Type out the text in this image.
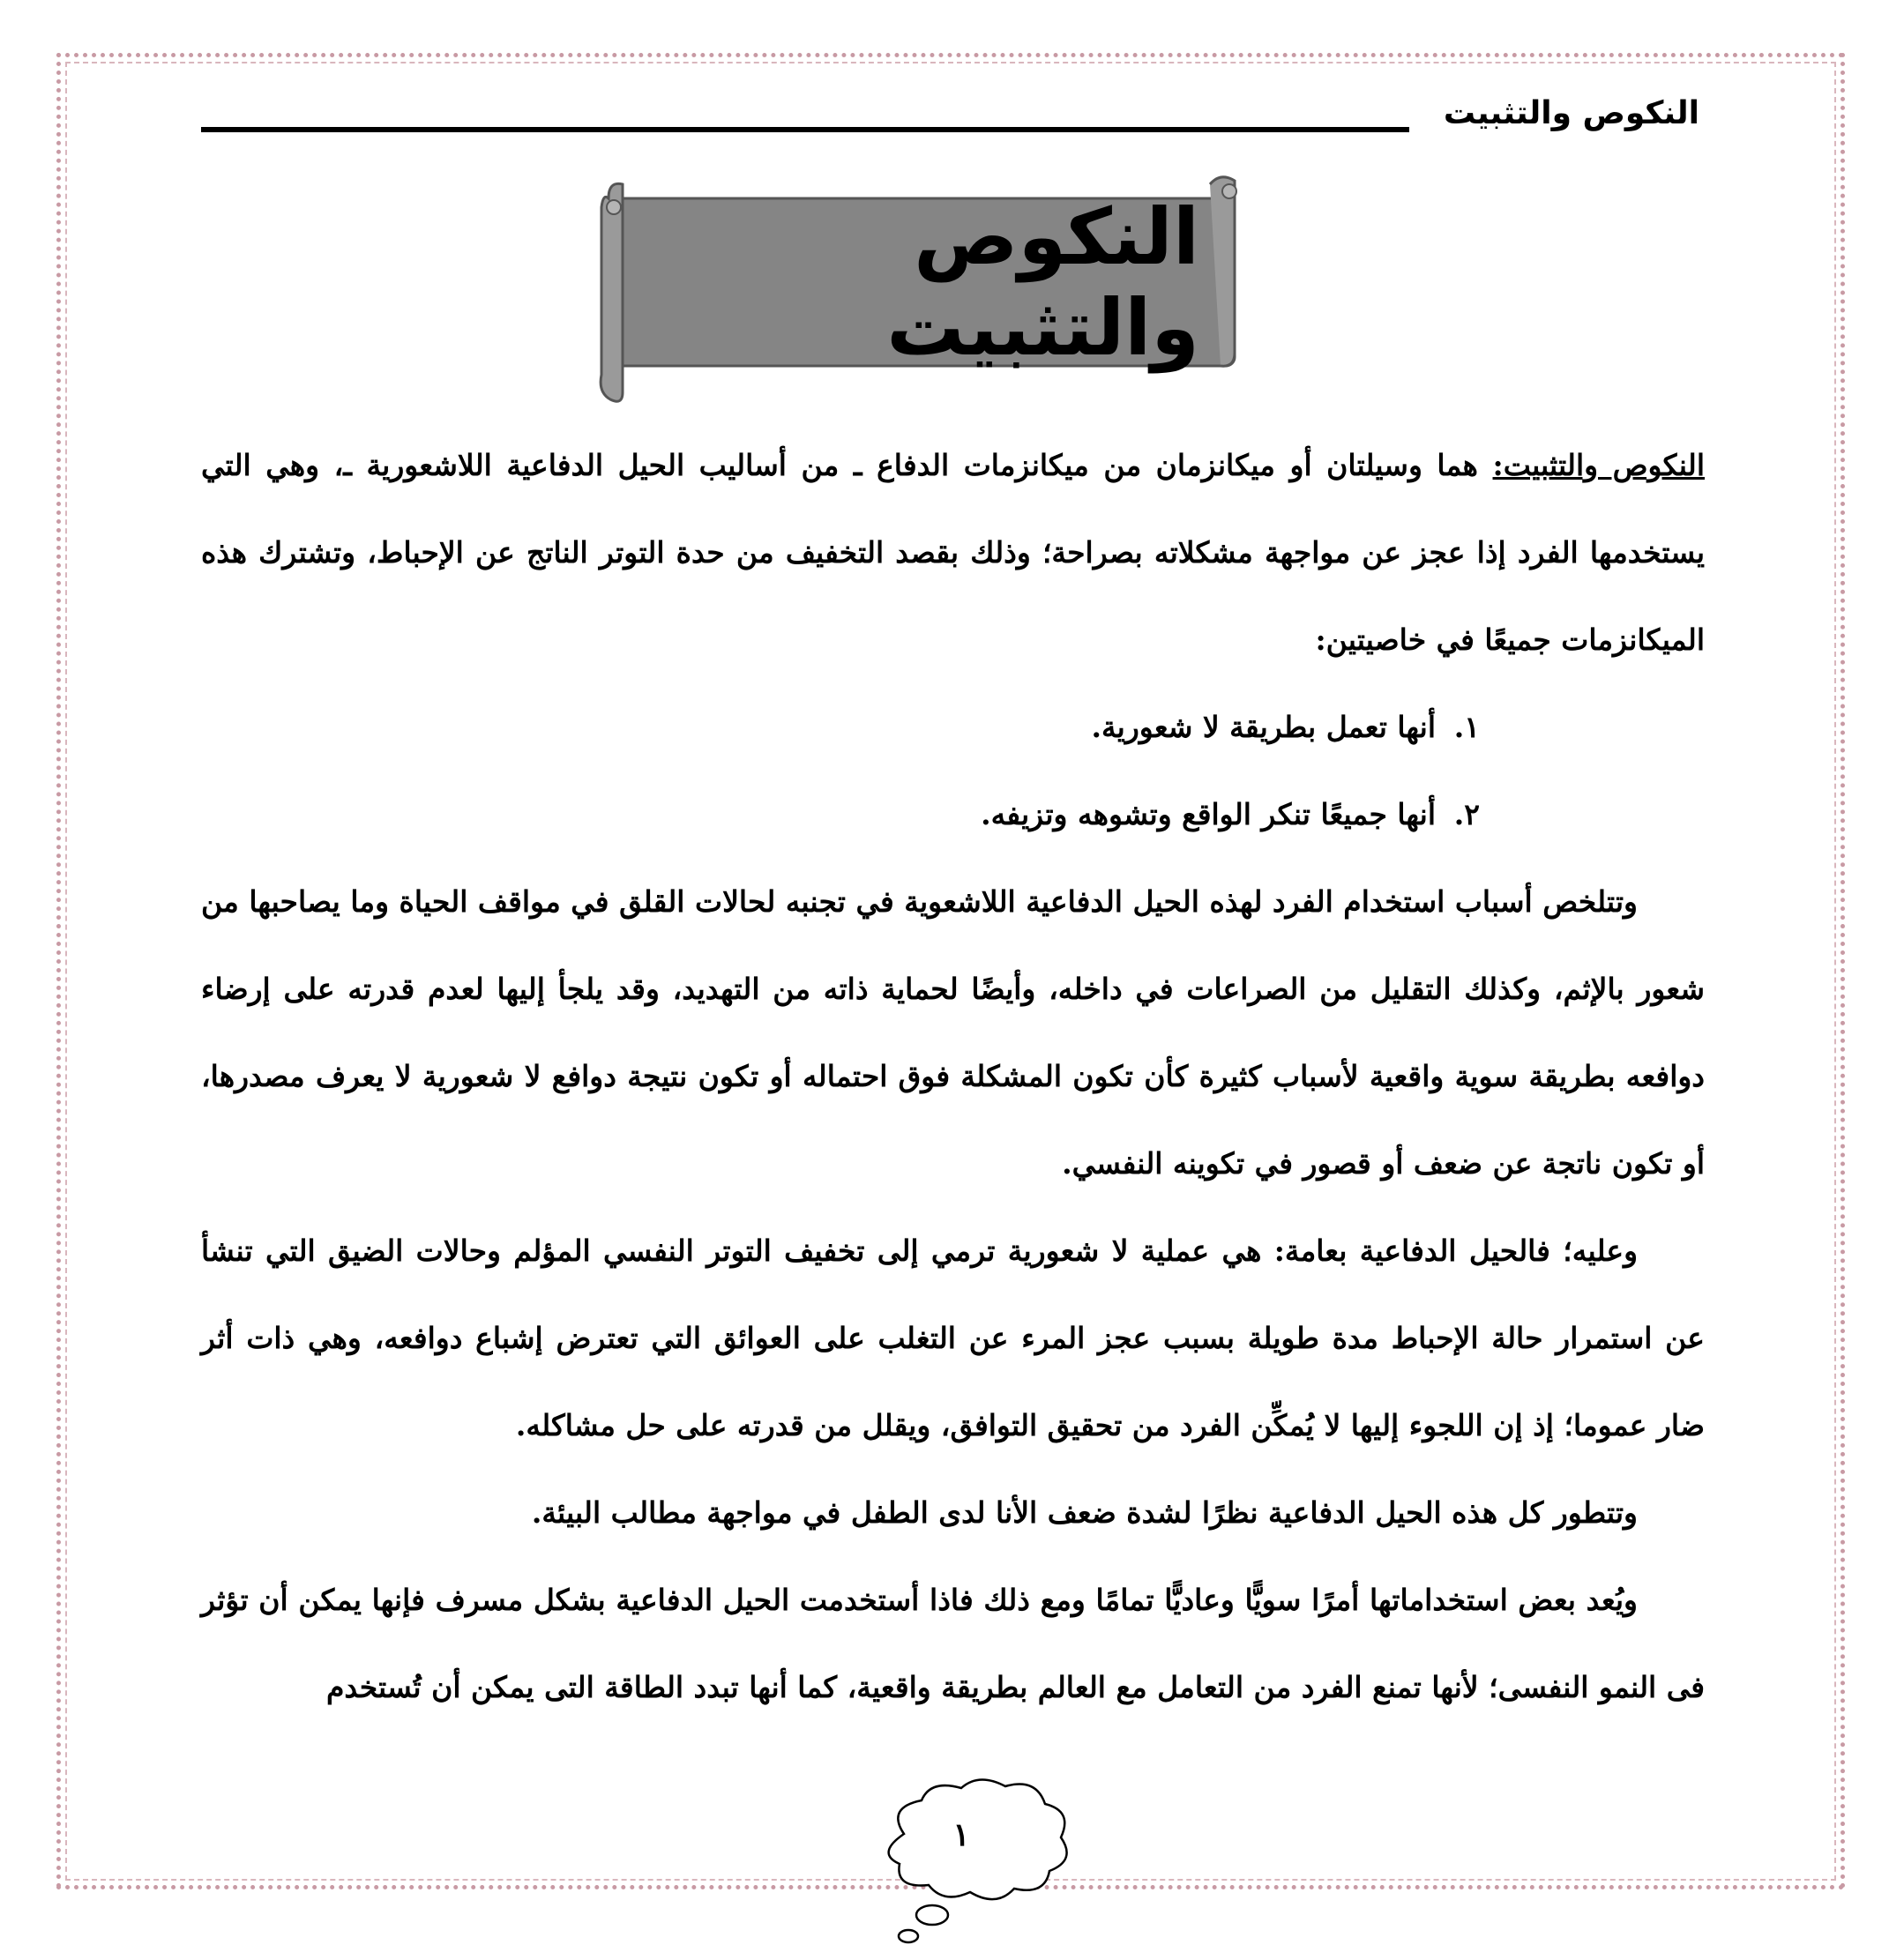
النكوص والتثبيت
النكوص والتثبيت

النكوص والتثبيت: هما وسيلتان أو ميكانزمان من ميكانزمات الدفاع ـ من أساليب الحيل الدفاعية اللاشعورية ـ، وهي التي يستخدمها الفرد إذا عجز عن مواجهة مشكلاته بصراحة؛ وذلك بقصد التخفيف من حدة التوتر الناتج عن الإحباط، وتشترك هذه الميكانزمات جميعًا في خاصيتين:

١.
أنها تعمل بطريقة لا شعورية.
٢.
أنها جميعًا تنكر الواقع وتشوهه وتزيفه.

وتتلخص أسباب استخدام الفرد لهذه الحيل الدفاعية اللاشعوية في تجنبه لحالات القلق في مواقف الحياة وما يصاحبها من شعور بالإثم، وكذلك التقليل من الصراعات في داخله، وأيضًا لحماية ذاته من التهديد، وقد يلجأ إليها لعدم قدرته على إرضاء دوافعه بطريقة سوية واقعية لأسباب كثيرة كأن تكون المشكلة فوق احتماله أو تكون نتيجة دوافع لا شعورية لا يعرف مصدرها، أو تكون ناتجة عن ضعف أو قصور في تكوينه النفسي.

وعليه؛ فالحيل الدفاعية بعامة: هي عملية لا شعورية ترمي إلى تخفيف التوتر النفسي المؤلم وحالات الضيق التي تنشأ عن استمرار حالة الإحباط مدة طويلة بسبب عجز المرء عن التغلب على العوائق التي تعترض إشباع دوافعه، وهي ذات أثر ضار عموما؛ إذ إن اللجوء إليها لا يُمكِّن الفرد من تحقيق التوافق، ويقلل من قدرته على حل مشاكله.

وتتطور كل هذه الحيل الدفاعية نظرًا لشدة ضعف الأنا لدى الطفل في مواجهة مطالب البيئة.

ويُعد بعض استخداماتها أمرًا سويًّا وعاديًّا تمامًا ومع ذلك فاذا أستخدمت الحيل الدفاعية بشكل مسرف فإنها يمكن أن تؤثر فى النمو النفسى؛ لأنها تمنع الفرد من التعامل مع العالم بطريقة واقعية، كما أنها تبدد الطاقة التى يمكن أن تُستخدم

١
